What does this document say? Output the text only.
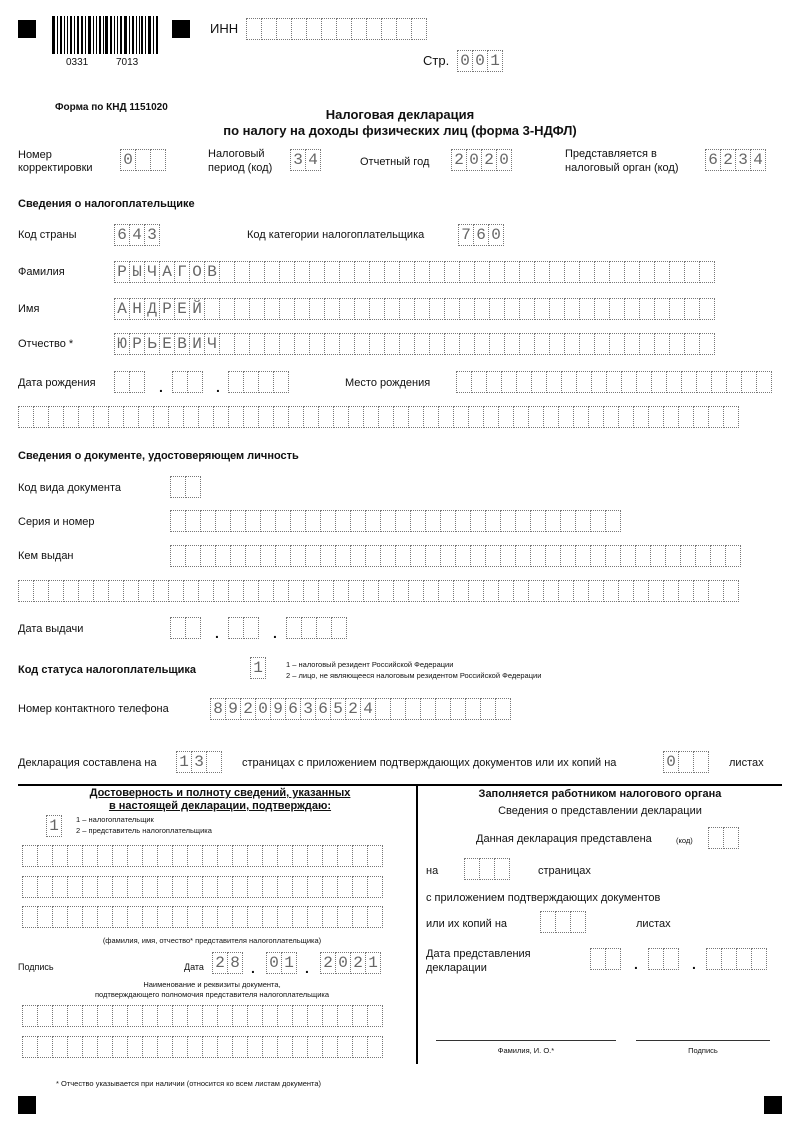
0331	7013
ИНН
Стр. 0 0 1
Форма по КНД 1151020	Налоговая декларация
по налогу на доходы физических лиц (форма 3-НДФЛ)
Номер
корректировки 0	Налоговый
период (код) 3 4	Отчетный год 2 0 2 0	Представляется в
налоговый орган (код) 6 2 3 4
Сведения о налогоплательщике
Код страны	6 4 3	Код категории налогоплательщика 7 6 0
Фамилия	Р Ы Ч А Г О В
Имя	А Н Д Р Е Й
Отчество *	Ю Р Ь Е В И Ч
Дата рождения	.	.	Место рождения
Сведения о документе, удостоверяющем личность
Код вида документа
Серия и номер
Кем выдан
Дата выдачи	.	.
Код статуса налогоплательщика	1	1 – налоговый резидент Российской Федерации
2 – лицо, не являющееся налоговым резидентом Российской Федерации
Номер контактного телефона	8 9 2 0 9 6 3 6 5 2 4
Декларация составлена на 1 3	страницах с приложением подтверждающих документов или их копий на	0	листах
Достоверность и полноту сведений, указанных
в настоящей декларации, подтверждаю:
1	1 – налогоплательщик
2 – представитель налогоплательщика
(фамилия, имя, отчество* представителя налогоплательщика)
Подпись	Дата 2 8 . 0 1 . 2 0 2 1
Наименование и реквизиты документа,
подтверждающего полномочия представителя налогоплательщика
Заполняется работником налогового органа
Сведения о представлении декларации
Данная декларация представлена	(код)
на	страницах
с приложением подтверждающих документов
или их копий на	листах
Дата представления
декларации	.	.
Фамилия, И. О.*	Подпись
* Отчество указывается при наличии (относится ко всем листам документа)
